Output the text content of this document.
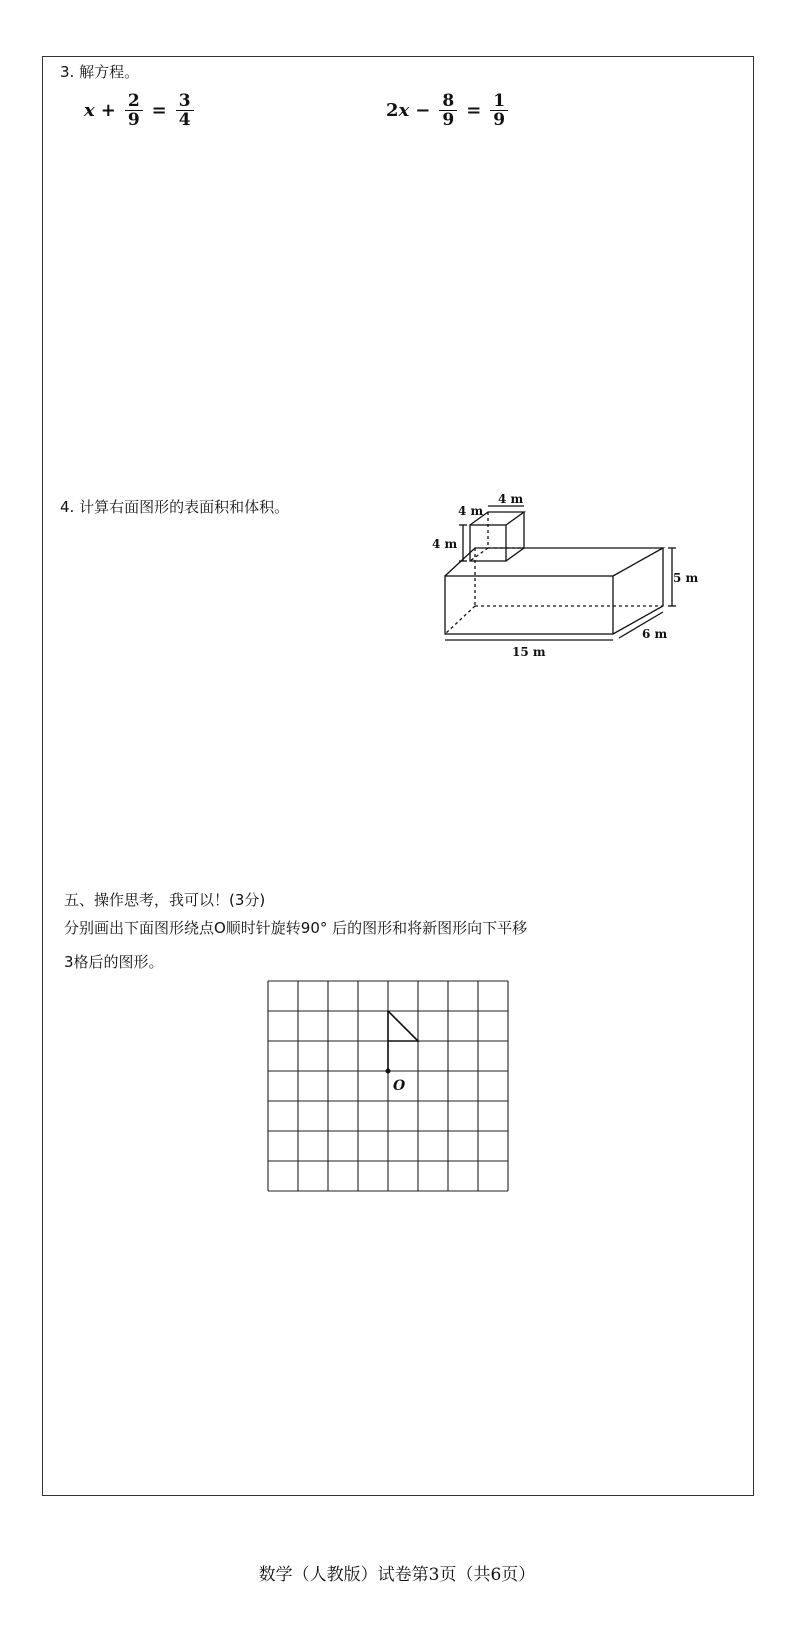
3. 解方程。
$x + \frac{2}{9} = \frac{3}{4}$	2 $x - \frac{8}{9} = \frac{1}{9}$
4. 计算右面图形的表面积和体积。	4 m
4 m
4 m
5 m
6 m
15 m
五、操作思考，我可以！(3分)
分别画出下面图形绕点O顺时针旋转90° 后的图形和将新图形向下平移
3格后的图形。
O
数学（人教版）试卷第3页（共6页）
